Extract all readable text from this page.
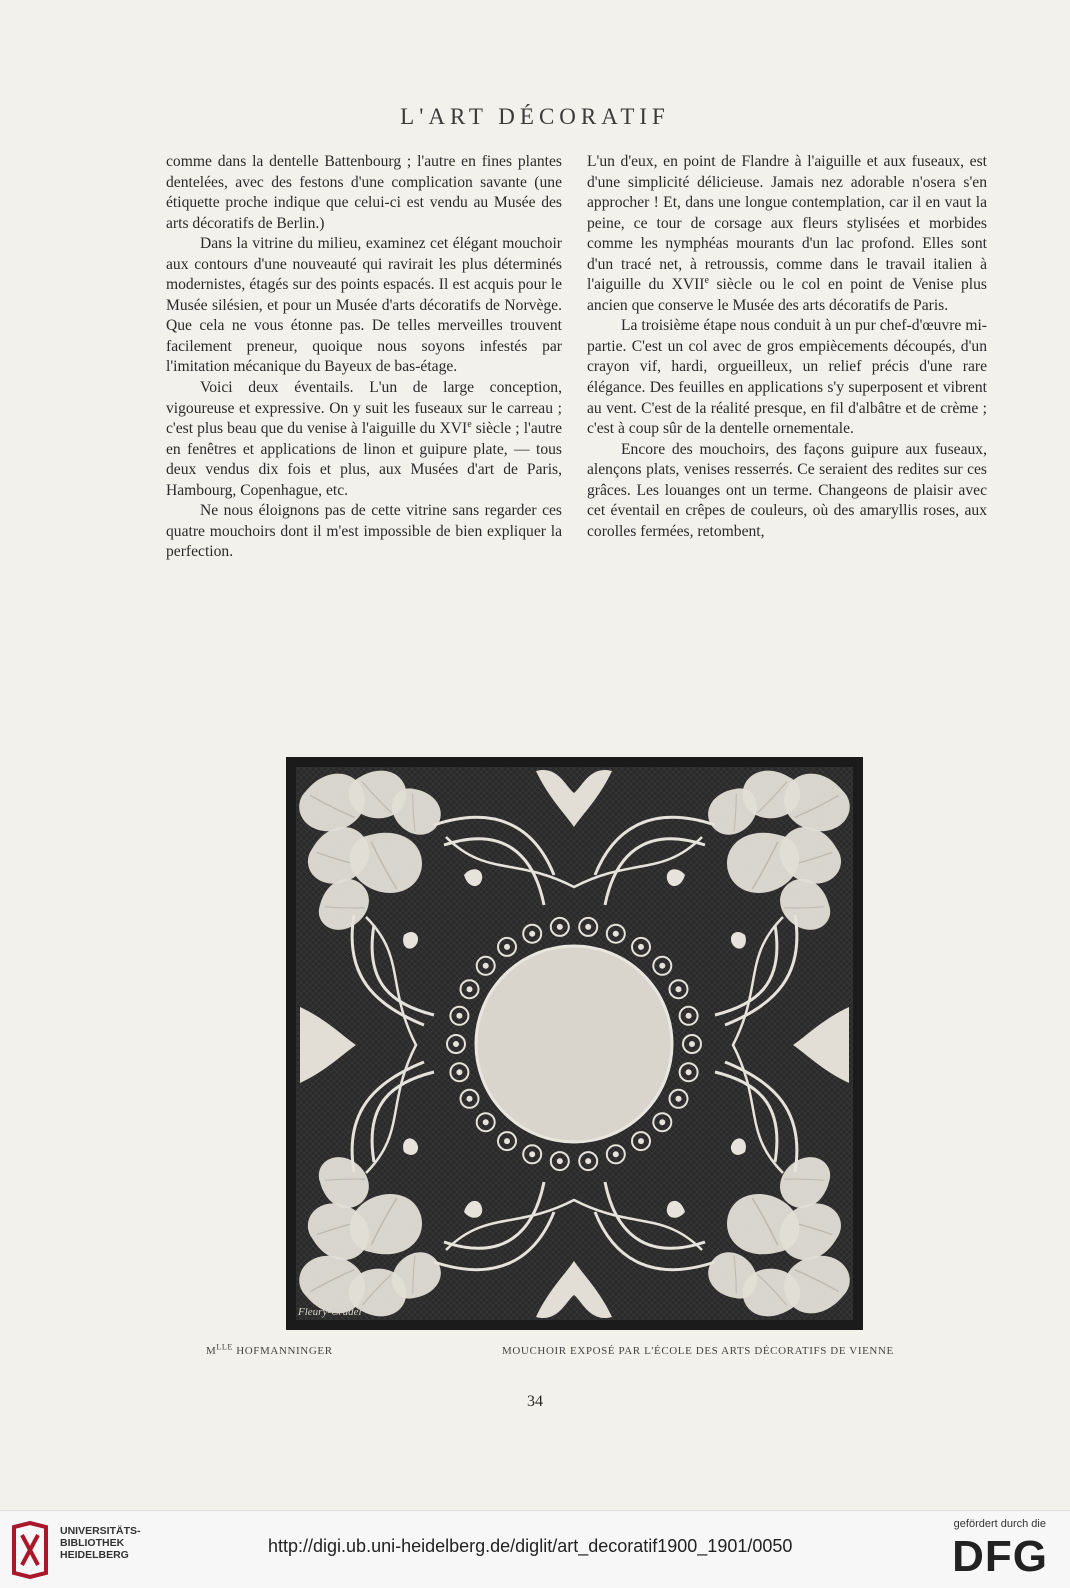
L'ART DÉCORATIF

comme dans la dentelle Battenbourg ; l'autre en fines plantes dentelées, avec des festons d'une complication savante (une étiquette proche indique que celui-ci est vendu au Musée des arts décoratifs de Berlin.)

Dans la vitrine du milieu, examinez cet élégant mouchoir aux contours d'une nouveauté qui ravirait les plus déterminés modernistes, étagés sur des points espacés. Il est acquis pour le Musée silésien, et pour un Musée d'arts décoratifs de Norvège. Que cela ne vous étonne pas. De telles merveilles trouvent facilement preneur, quoique nous soyons infestés par l'imitation mécanique du Bayeux de bas-étage.

Voici deux éventails. L'un de large conception, vigoureuse et expressive. On y suit les fuseaux sur le carreau ; c'est plus beau que du venise à l'aiguille du XVIe siècle ; l'autre en fenêtres et applications de linon et guipure plate, — tous deux vendus dix fois et plus, aux Musées d'art de Paris, Hambourg, Copenhague, etc.

Ne nous éloignons pas de cette vitrine sans regarder ces quatre mouchoirs dont il m'est impossible de bien expliquer la perfection.

L'un d'eux, en point de Flandre à l'aiguille et aux fuseaux, est d'une simplicité délicieuse. Jamais nez adorable n'osera s'en approcher ! Et, dans une longue contemplation, car il en vaut la peine, ce tour de corsage aux fleurs stylisées et morbides comme les nymphéas mourants d'un lac profond. Elles sont d'un tracé net, à retroussis, comme dans le travail italien à l'aiguille du XVIIe siècle ou le col en point de Venise plus ancien que conserve le Musée des arts décoratifs de Paris.

La troisième étape nous conduit à un pur chef-d'œuvre mi-partie. C'est un col avec de gros empiècements découpés, d'un crayon vif, hardi, orgueilleux, un relief précis d'une rare élégance. Des feuilles en applications s'y superposent et vibrent au vent. C'est de la réalité presque, en fil d'albâtre et de crème ; c'est à coup sûr de la dentelle ornementale.

Encore des mouchoirs, des façons guipure aux fuseaux, alençons plats, venises resserrés. Ce seraient des redites sur ces grâces. Les louanges ont un terme. Changeons de plaisir avec cet éventail en crêpes de couleurs, où des amaryllis roses, aux corolles fermées, retombent,

Fleury-Crudel
$M^{LLE}$ HOFMANNINGER	MOUCHOIR EXPOSÉ PAR L'ÉCOLE DES ARTS DÉCORATIFS DE VIENNE
34
UNIVERSITÄTS-
BIBLIOTHEK
HEIDELBERG	http://digi.ub.uni-heidelberg.de/diglit/art_decoratif1900_1901/0050
gefördert durch die
DFG
